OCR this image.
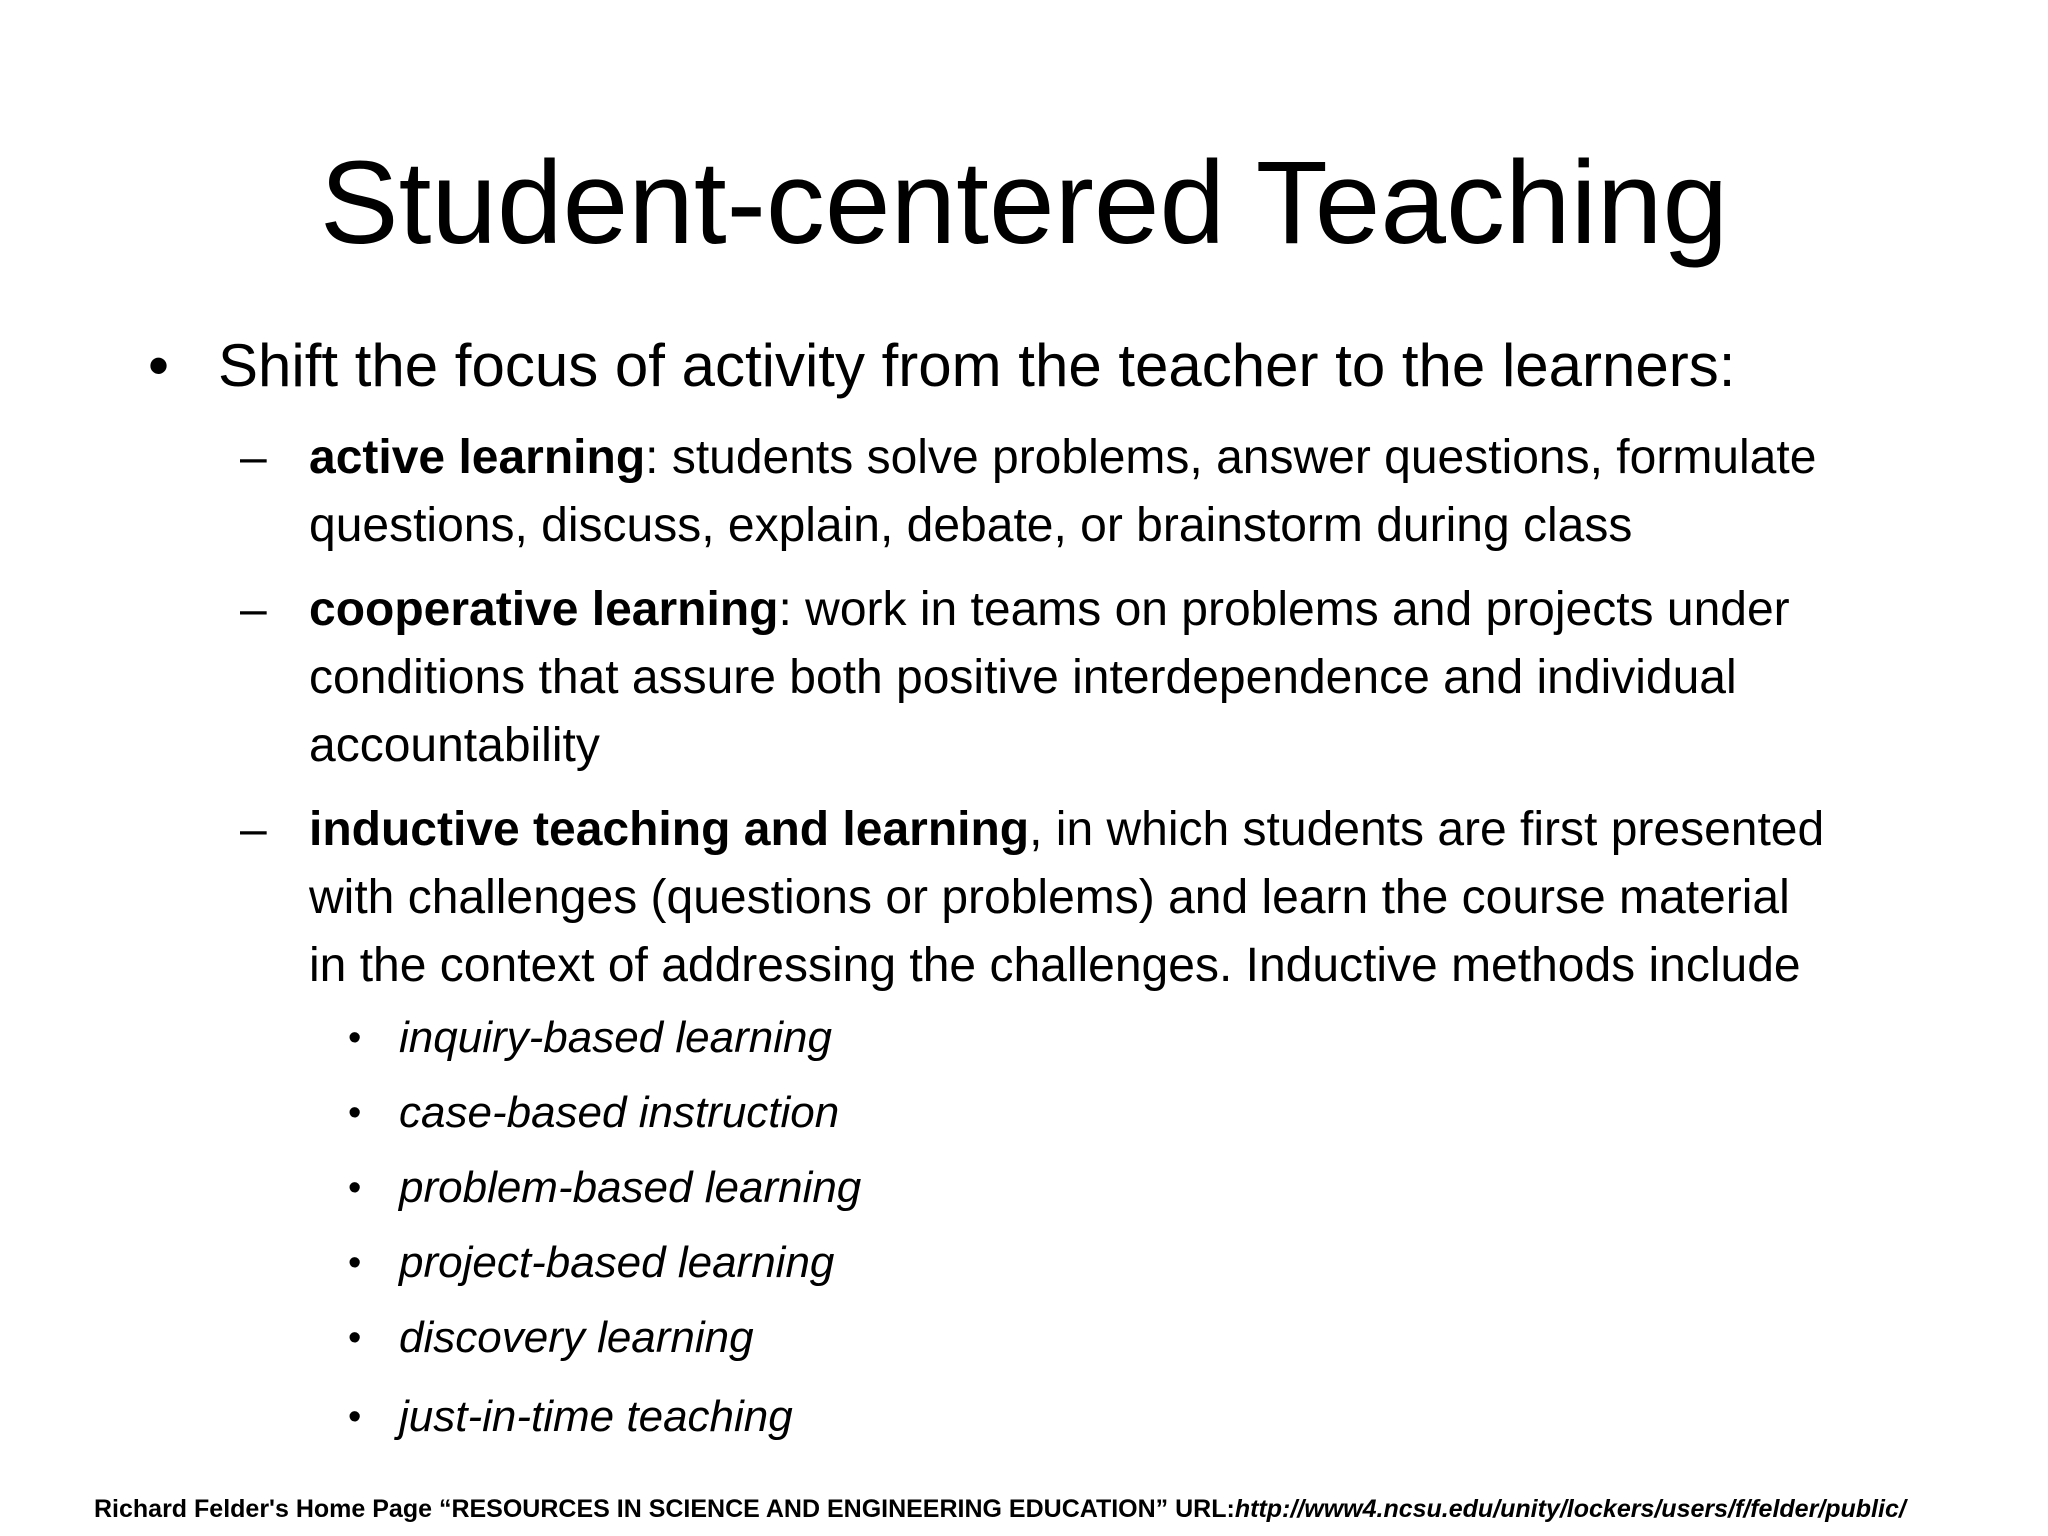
Student-centered Teaching
• Shift the focus of activity from the teacher to the learners:
– active learning: students solve problems, answer questions, formulate
questions, discuss, explain, debate, or brainstorm during class
– cooperative learning: work in teams on problems and projects under
conditions that assure both positive interdependence and individual
accountability
– inductive teaching and learning, in which students are first presented
with challenges (questions or problems) and learn the course material
in the context of addressing the challenges. Inductive methods include
• inquiry-based learning
• case-based instruction
• problem-based learning
• project-based learning
• discovery learning
• just-in-time teaching
Richard Felder's Home Page “RESOURCES IN SCIENCE AND ENGINEERING EDUCATION” URL:http://www4.ncsu.edu/unity/lockers/users/f/felder/public/
